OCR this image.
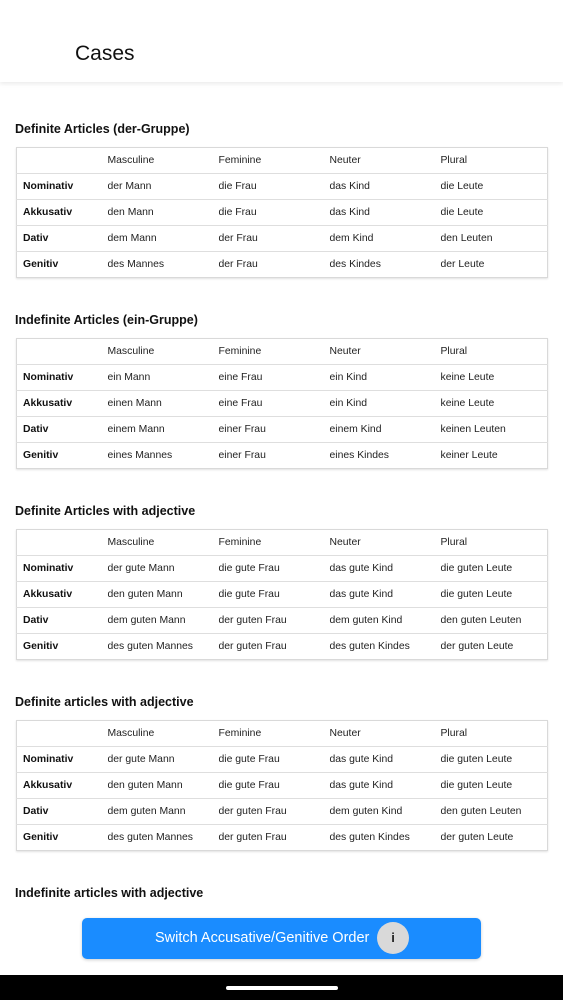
Cases
Definite Articles (der-Gruppe)
	Masculine	Feminine	Neuter	Plural
Nominativ	der Mann	die Frau	das Kind	die Leute
Akkusativ	den Mann	die Frau	das Kind	die Leute
Dativ	dem Mann	der Frau	dem Kind	den Leuten
Genitiv	des Mannes	der Frau	des Kindes	der Leute
Indefinite Articles (ein-Gruppe)
	Masculine	Feminine	Neuter	Plural
Nominativ	ein Mann	eine Frau	ein Kind	keine Leute
Akkusativ	einen Mann	eine Frau	ein Kind	keine Leute
Dativ	einem Mann	einer Frau	einem Kind	keinen Leuten
Genitiv	eines Mannes	einer Frau	eines Kindes	keiner Leute
Definite Articles with adjective
	Masculine	Feminine	Neuter	Plural
Nominativ	der gute Mann	die gute Frau	das gute Kind	die guten Leute
Akkusativ	den guten Mann	die gute Frau	das gute Kind	die guten Leute
Dativ	dem guten Mann	der guten Frau	dem guten Kind	den guten Leuten
Genitiv	des guten Mannes	der guten Frau	des guten Kindes	der guten Leute
Definite articles with adjective
	Masculine	Feminine	Neuter	Plural
Nominativ	der gute Mann	die gute Frau	das gute Kind	die guten Leute
Akkusativ	den guten Mann	die gute Frau	das gute Kind	die guten Leute
Dativ	dem guten Mann	der guten Frau	dem guten Kind	den guten Leuten
Genitiv	des guten Mannes	der guten Frau	des guten Kindes	der guten Leute
Indefinite articles with adjective
Switch Accusative/Genitive Order	i
